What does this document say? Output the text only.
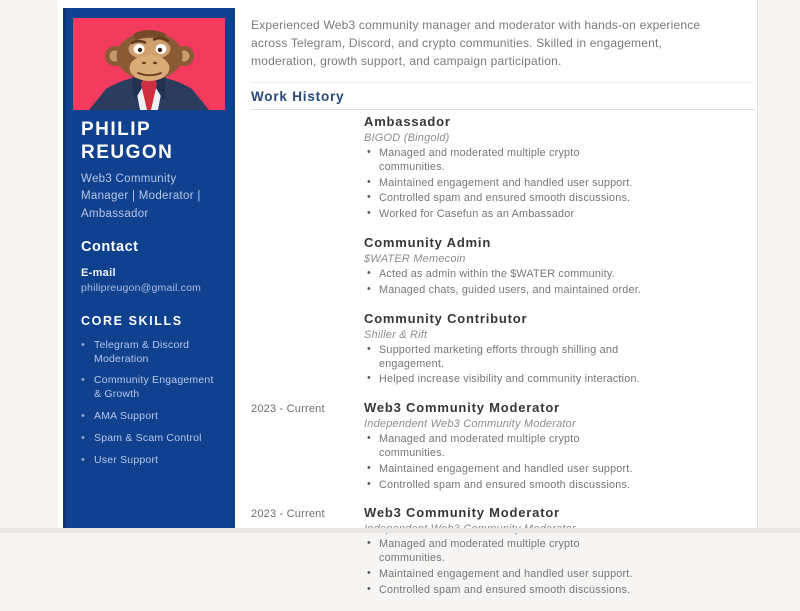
PHILIP
REUGON
Web3 Community Manager | Moderator | Ambassador
Contact
E-mail
philipreugon@gmail.com
CORE SKILLS
• Telegram & Discord Moderation
• Community Engagement & Growth
• AMA Support
• Spam & Scam Control
• User Support

Experienced Web3 community manager and moderator with hands-on experience across Telegram, Discord, and crypto communities. Skilled in engagement, moderation, growth support, and campaign participation.

Work History
Ambassador
BIGOD (Bingold)
• Managed and moderated multiple crypto communities.
• Maintained engagement and handled user support.
• Controlled spam and ensured smooth discussions.
• Worked for Casefun as an Ambassador
Community Admin
$WATER Memecoin
• Acted as admin within the $WATER community.
• Managed chats, guided users, and maintained order.
Community Contributor
Shiller & Rift
• Supported marketing efforts through shilling and engagement.
• Helped increase visibility and community interaction.
2023 - Current	Web3 Community Moderator
Independent Web3 Community Moderator
• Managed and moderated multiple crypto communities.
• Maintained engagement and handled user support.
• Controlled spam and ensured smooth discussions.
2023 - Current	Web3 Community Moderator
• Managed and moderated multiple crypto communities.
• Maintained engagement and handled user support.
• Controlled spam and ensured smooth discussions.
